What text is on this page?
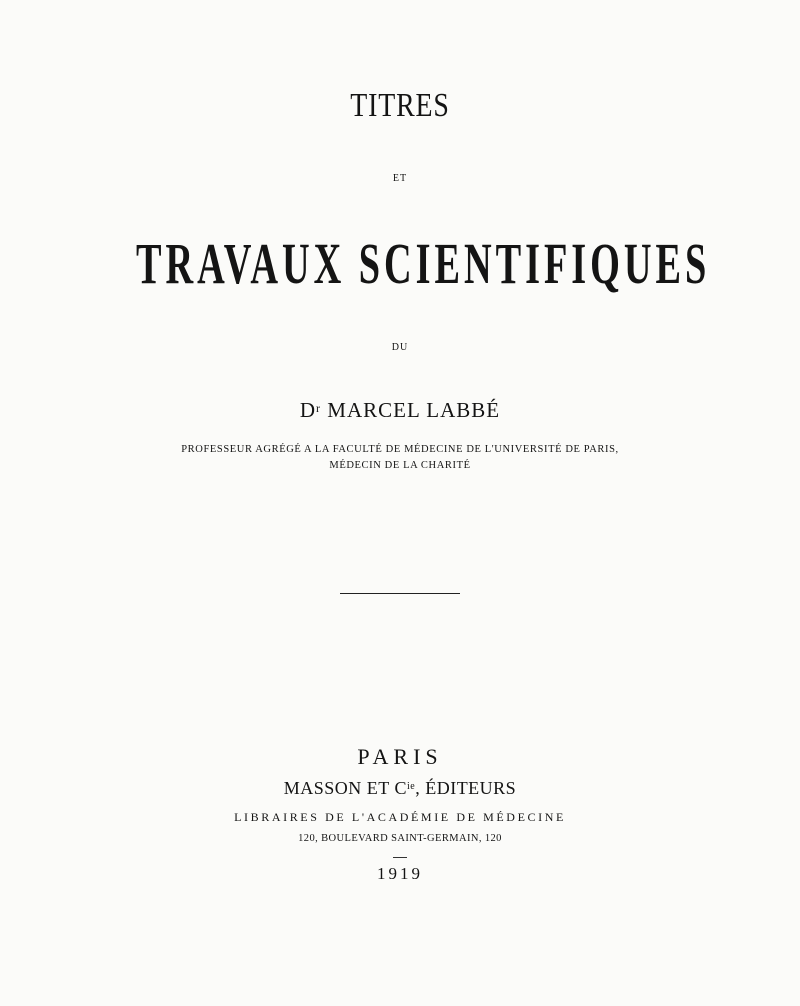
TITRES
ET
TRAVAUX SCIENTIFIQUES
DU
$D^r$ MARCEL LABBÉ
PROFESSEUR AGRÉGÉ A LA FACULTÉ DE MÉDECINE DE L'UNIVERSITÉ DE PARIS,
MÉDECIN DE LA CHARITÉ
PARIS
MASSON ET $C^{ie}$, ÉDITEURS
LIBRAIRES DE L'ACADÉMIE DE MÉDECINE
120, BOULEVARD SAINT-GERMAIN, 120
1919
